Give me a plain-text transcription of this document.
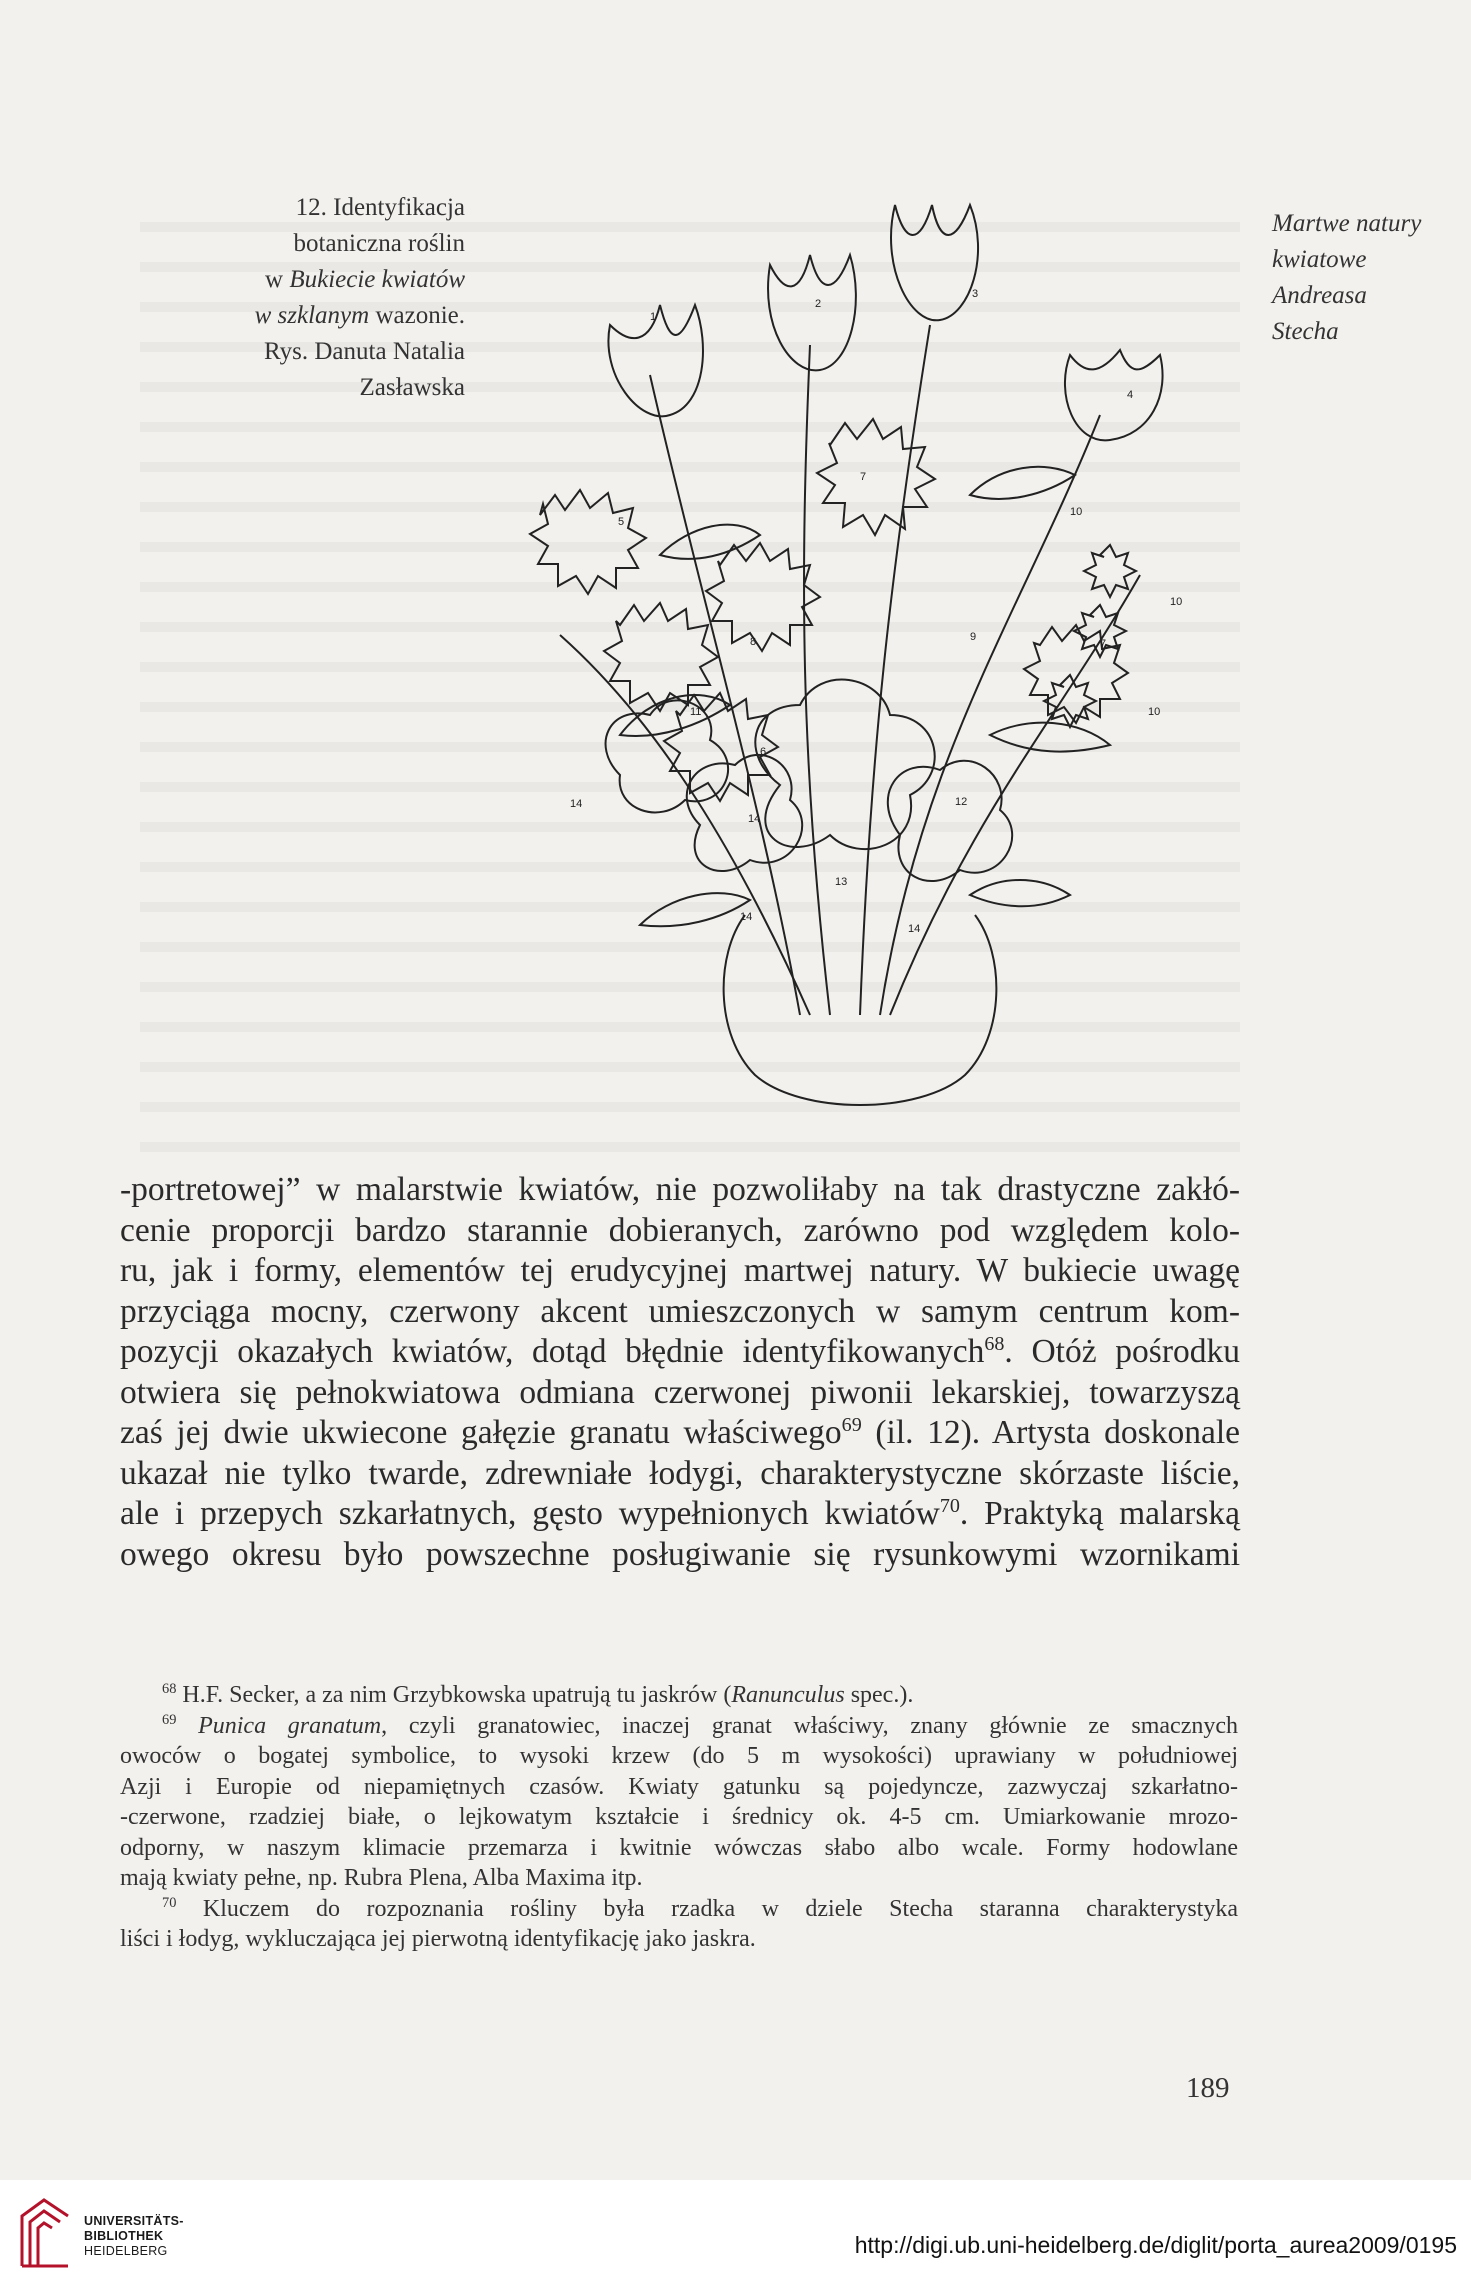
12. Identyfikacja
botaniczna roślin
w Bukiecie kwiatów
w szklanym wazonie.
Rys. Danuta Natalia
Zasławska
Martwe natury
kwiatowe
Andreasa
Stecha
1
2
3
4
5
7
10
10
8	9
7
10
11
6
12
14
14
13
14
14
-portretowej” w malarstwie kwiatów, nie pozwoliłaby na tak drastyczne zakłó-
cenie proporcji bardzo starannie dobieranych, zarówno pod względem kolo-
ru, jak i formy, elementów tej erudycyjnej martwej natury. W bukiecie uwagę
przyciąga mocny, czerwony akcent umieszczonych w samym centrum kom-
pozycji okazałych kwiatów, dotąd błędnie identyfikowanych$^{68}$. Otóż pośrodku
otwiera się pełnokwiatowa odmiana czerwonej piwonii lekarskiej, towarzyszą
zaś jej dwie ukwiecone gałęzie granatu właściwego$^{69}$ (il. 12). Artysta doskonale
ukazał nie tylko twarde, zdrewniałe łodygi, charakterystyczne skórzaste liście,
ale i przepych szkarłatnych, gęsto wypełnionych kwiatów$^{70}$. Praktyką malarską
owego okresu było powszechne posługiwanie się rysunkowymi wzornikami
$^{68}$ H.F. Secker, a za nim Grzybkowska upatrują tu jaskrów (Ranunculus spec.).
$^{69}$ Punica granatum, czyli granatowiec, inaczej granat właściwy, znany głównie ze smacznych
owoców o bogatej symbolice, to wysoki krzew (do 5 m wysokości) uprawiany w południowej
Azji i Europie od niepamiętnych czasów. Kwiaty gatunku są pojedyncze, zazwyczaj szkarłatno-
-czerwone, rzadziej białe, o lejkowatym kształcie i średnicy ok. 4-5 cm. Umiarkowanie mrozo-
odporny, w naszym klimacie przemarza i kwitnie wówczas słabo albo wcale. Formy hodowlane
mają kwiaty pełne, np. Rubra Plena, Alba Maxima itp.
$^{70}$ Kluczem do rozpoznania rośliny była rzadka w dziele Stecha staranna charakterystyka
liści i łodyg, wykluczająca jej pierwotną identyfikację jako jaskra.
189
UNIVERSITÄTS-
BIBLIOTHEK
HEIDELBERG	http://digi.ub.uni-heidelberg.de/diglit/porta_aurea2009/0195
